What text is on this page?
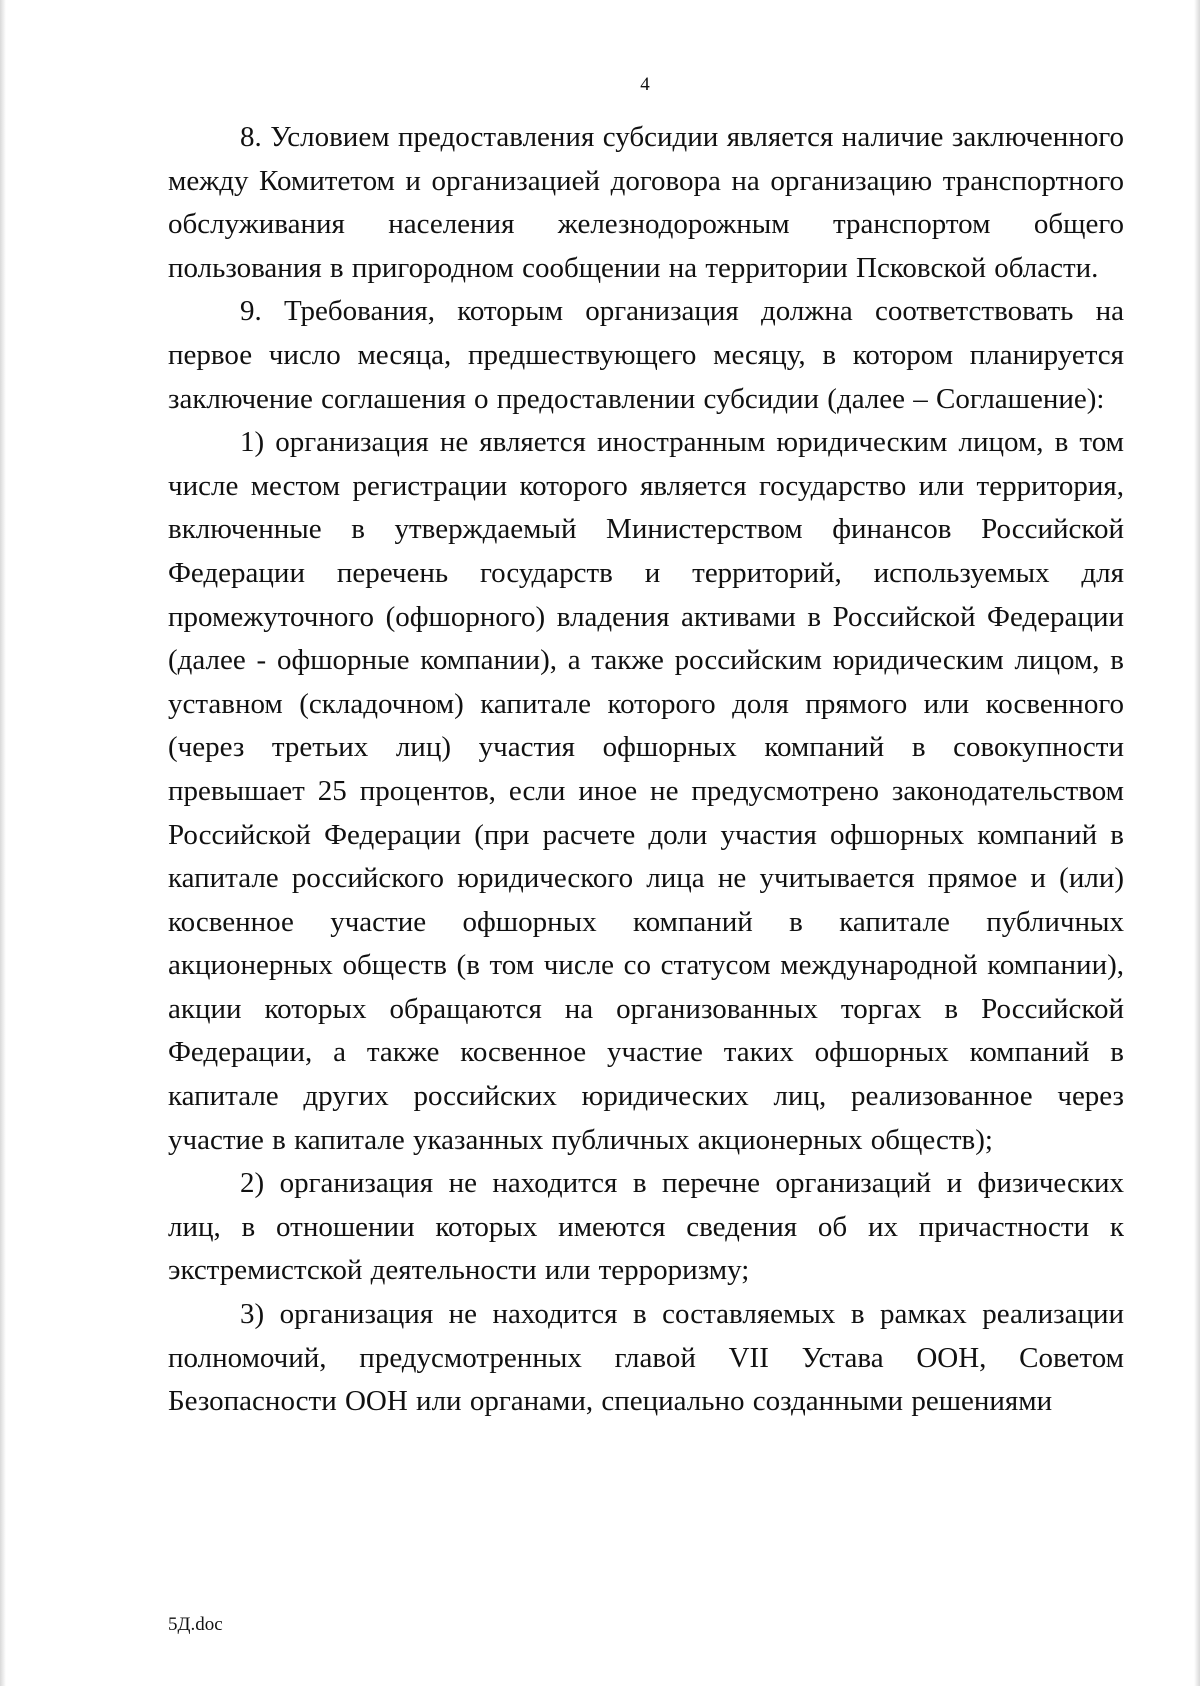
4

8. Условием предоставления субсидии является наличие заключенного между Комитетом и организацией договора на организацию транспортного обслуживания населения железнодорожным транспортом общего пользования в пригородном сообщении на территории Псковской области.

9. Требования, которым организация должна соответствовать на первое число месяца, предшествующего месяцу, в котором планируется заключение соглашения о предоставлении субсидии (далее – Соглашение):

1) организация не является иностранным юридическим лицом, в том числе местом регистрации которого является государство или территория, включенные в утверждаемый Министерством финансов Российской Федерации перечень государств и территорий, используемых для промежуточного (офшорного) владения активами в Российской Федерации (далее - офшорные компании), а также российским юридическим лицом, в уставном (складочном) капитале которого доля прямого или косвенного (через третьих лиц) участия офшорных компаний в совокупности превышает 25 процентов, если иное не предусмотрено законодательством Российской Федерации (при расчете доли участия офшорных компаний в капитале российского юридического лица не учитывается прямое и (или) косвенное участие офшорных компаний в капитале публичных акционерных обществ (в том числе со статусом международной компании), акции которых обращаются на организованных торгах в Российской Федерации, а также косвенное участие таких офшорных компаний в капитале других российских юридических лиц, реализованное через участие в капитале указанных публичных акционерных обществ);

2) организация не находится в перечне организаций и физических лиц, в отношении которых имеются сведения об их причастности к экстремистской деятельности или терроризму;

3) организация не находится в составляемых в рамках реализации полномочий, предусмотренных главой VII Устава ООН, Советом Безопасности ООН или органами, специально созданными решениями

5Д.doc
